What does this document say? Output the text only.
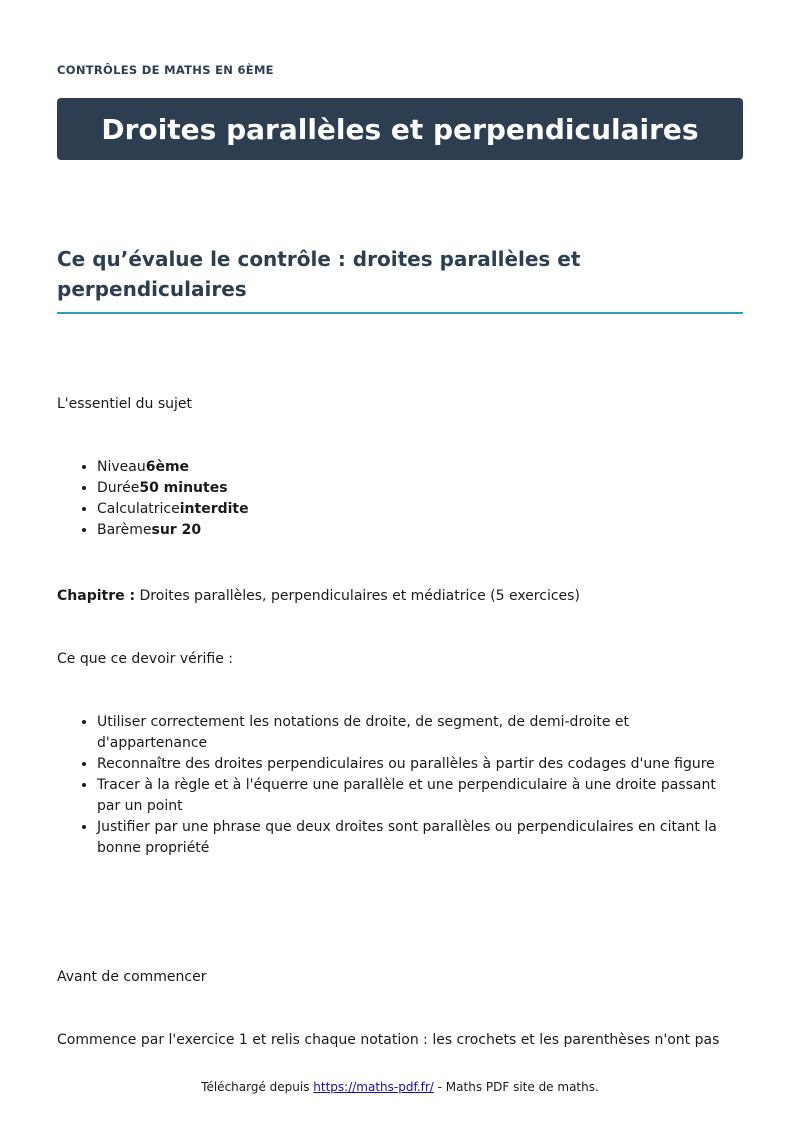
CONTRÔLES DE MATHS EN 6ÈME
Droites parallèles et perpendiculaires
Ce qu’évalue le contrôle : droites parallèles et perpendiculaires

L'essentiel du sujet

• Niveau6ème
• Durée50 minutes
• Calculatriceinterdite
• Barèmesur 20

Chapitre : Droites parallèles, perpendiculaires et médiatrice (5 exercices)

Ce que ce devoir vérifie :

• Utiliser correctement les notations de droite, de segment, de demi-droite et d'appartenance
• Reconnaître des droites perpendiculaires ou parallèles à partir des codages d'une figure
• Tracer à la règle et à l'équerre une parallèle et une perpendiculaire à une droite passant par un point
• Justifier par une phrase que deux droites sont parallèles ou perpendiculaires en citant la bonne propriété

Avant de commencer

Commence par l'exercice 1 et relis chaque notation : les crochets et les parenthèses n'ont pas

Téléchargé depuis https://maths-pdf.fr/ - Maths PDF site de maths.
